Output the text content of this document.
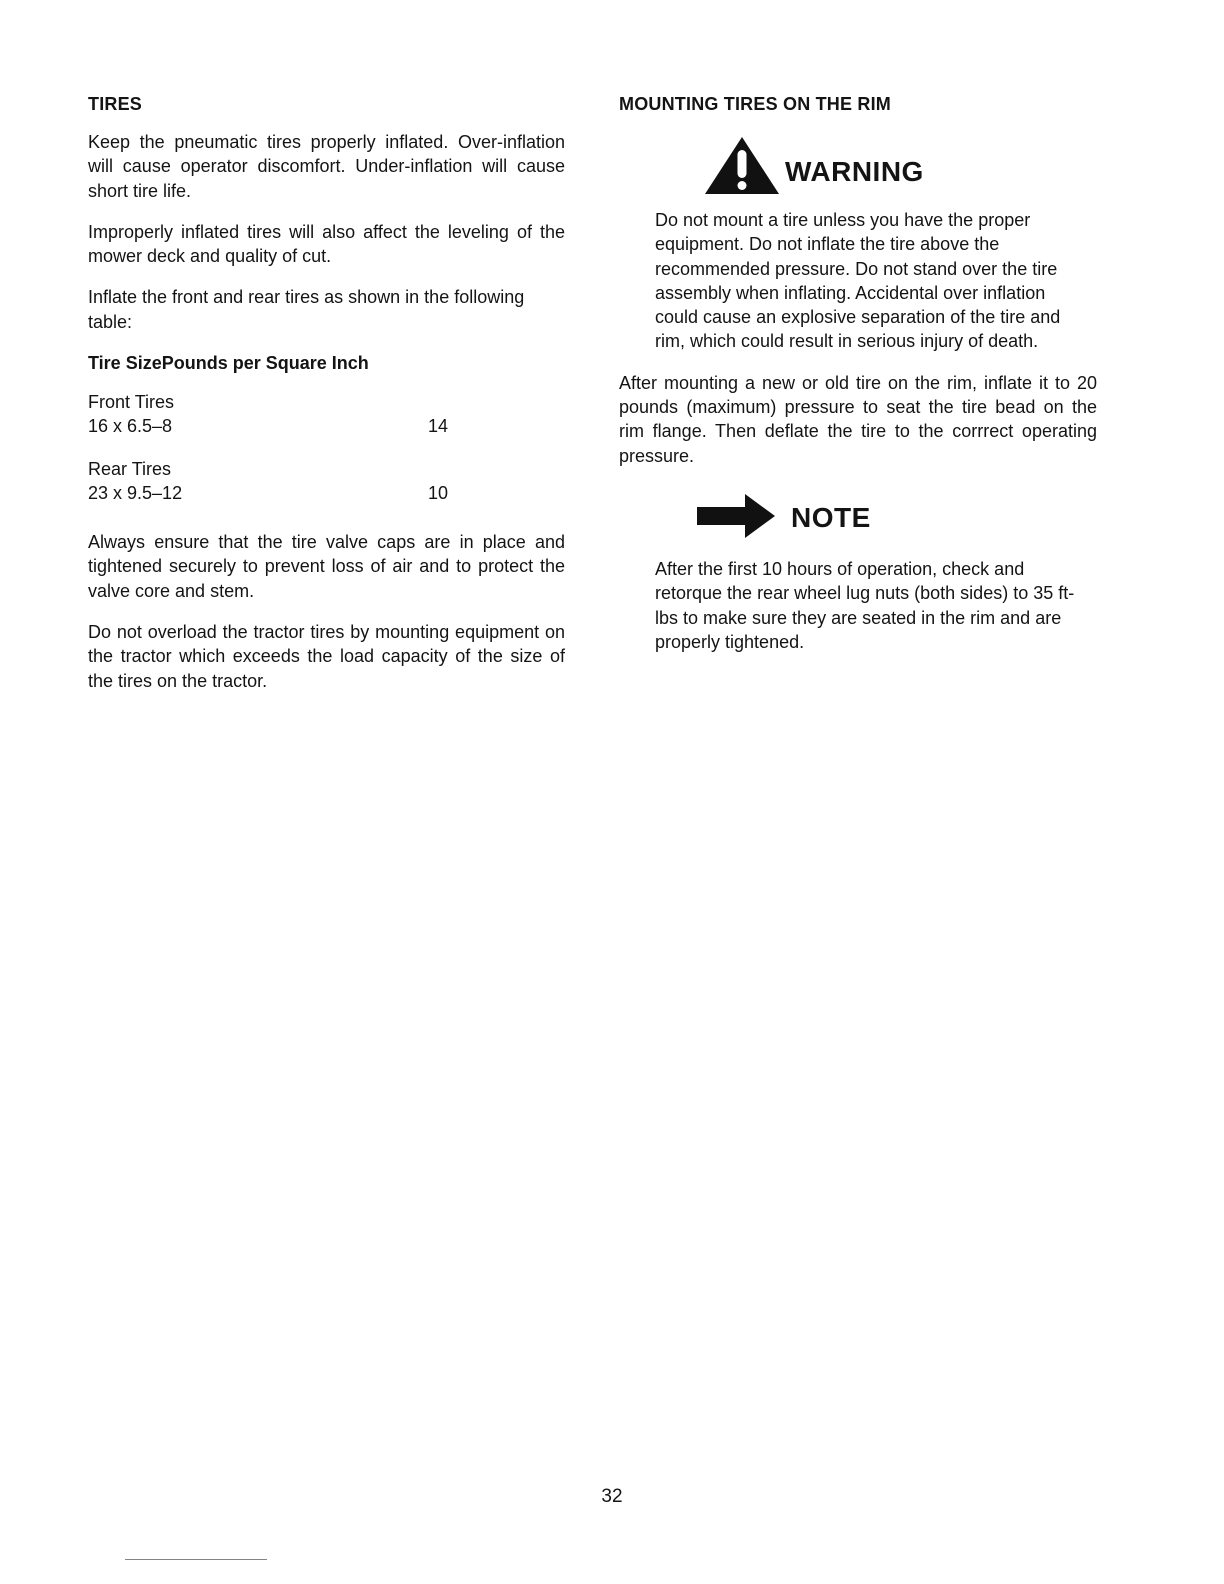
TIRES

Keep the pneumatic tires properly inflated. Over-inflation will cause operator discomfort. Under-inflation will cause short tire life.

Improperly inflated tires will also affect the leveling of the mower deck and quality of cut.

Inflate the front and rear tires as shown in the following table:

Tire SizePounds per Square Inch
Front Tires
16 x 6.5–8	14
Rear Tires
23 x 9.5–12	10

Always ensure that the tire valve caps are in place and tightened securely to prevent loss of air and to protect the valve core and stem.

Do not overload the tractor tires by mounting equipment on the tractor which exceeds the load capacity of the size of the tires on the tractor.

MOUNTING TIRES ON THE RIM
WARNING

Do not mount a tire unless you have the proper equipment. Do not inflate the tire above the recommended pressure. Do not stand over the tire assembly when inflating. Accidental over inflation could cause an explosive separation of the tire and rim, which could result in serious injury of death.

After mounting a new or old tire on the rim, inflate it to 20 pounds (maximum) pressure to seat the tire bead on the rim flange. Then deflate the tire to the corrrect operating pressure.

NOTE

After the first 10 hours of operation, check and retorque the rear wheel lug nuts (both sides) to 35 ft-lbs to make sure they are seated in the rim and are properly tightened.

32
